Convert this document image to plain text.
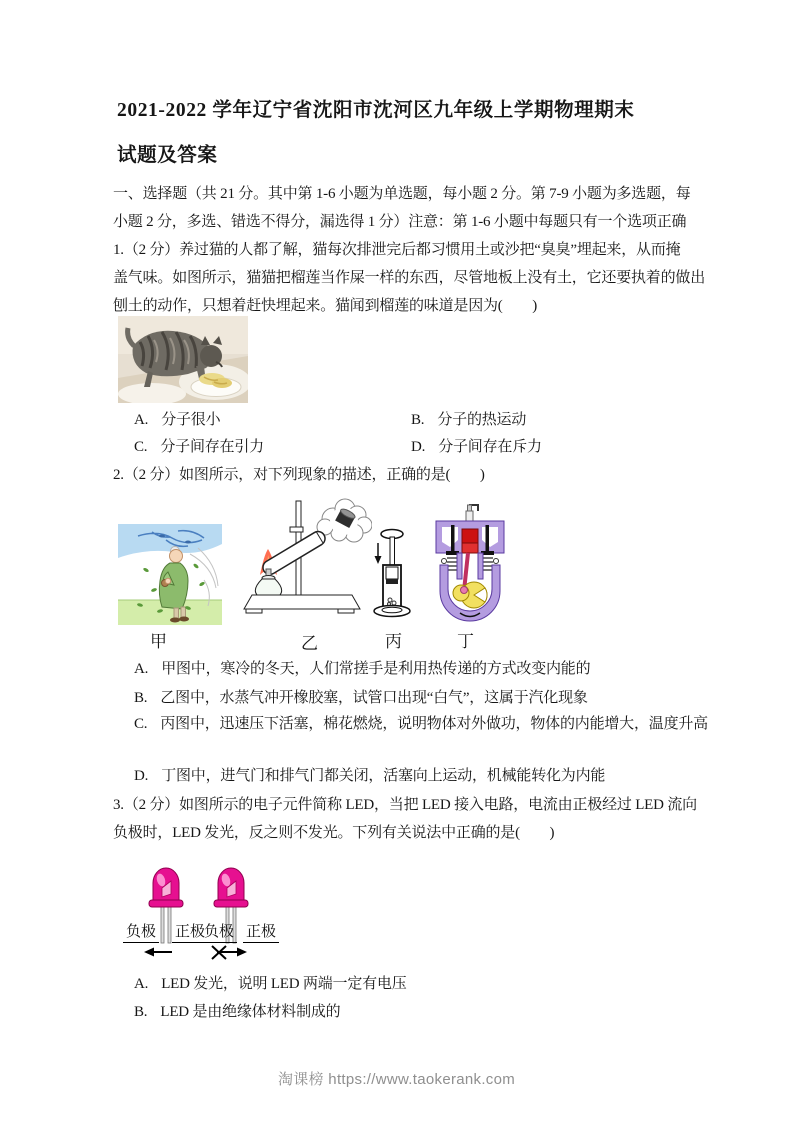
2021-2022 学年辽宁省沈阳市沈河区九年级上学期物理期末
试题及答案
一、选择题（共 21 分。其中第 1-6 小题为单选题，每小题 2 分。第 7-9 小题为多选题，每
小题 2 分，多选、错选不得分，漏选得 1 分）注意：第 1-6 小题中每题只有一个选项正确
1.（2 分）养过猫的人都了解，猫每次排泄完后都习惯用土或沙把“臭臭”埋起来，从而掩
盖气味。如图所示，猫猫把榴莲当作屎一样的东西，尽管地板上没有土，它还要执着的做出
刨土的动作，只想着赶快埋起来。猫闻到榴莲的味道是因为(　　)
A. 分子很小	B. 分子的热运动
C. 分子间存在引力	D. 分子间存在斥力
2.（2 分）如图所示，对下列现象的描述，正确的是(　　)
甲	乙	丙	丁
A. 甲图中，寒冷的冬天，人们常搓手是利用热传递的方式改变内能的
B. 乙图中，水蒸气冲开橡胶塞，试管口出现“白气”，这属于汽化现象
C. 丙图中，迅速压下活塞，棉花燃烧，说明物体对外做功，物体的内能增大，温度升高
D. 丁图中，进气门和排气门都关闭，活塞向上运动，机械能转化为内能
3.（2 分）如图所示的电子元件简称 LED，当把 LED 接入电路，电流由正极经过 LED 流向
负极时，LED 发光，反之则不发光。下列有关说法中正确的是(　　)
负极 正极
负极 正极
A. LED 发光，说明 LED 两端一定有电压
B. LED 是由绝缘体材料制成的
淘课榜 https://www.taokerank.com
